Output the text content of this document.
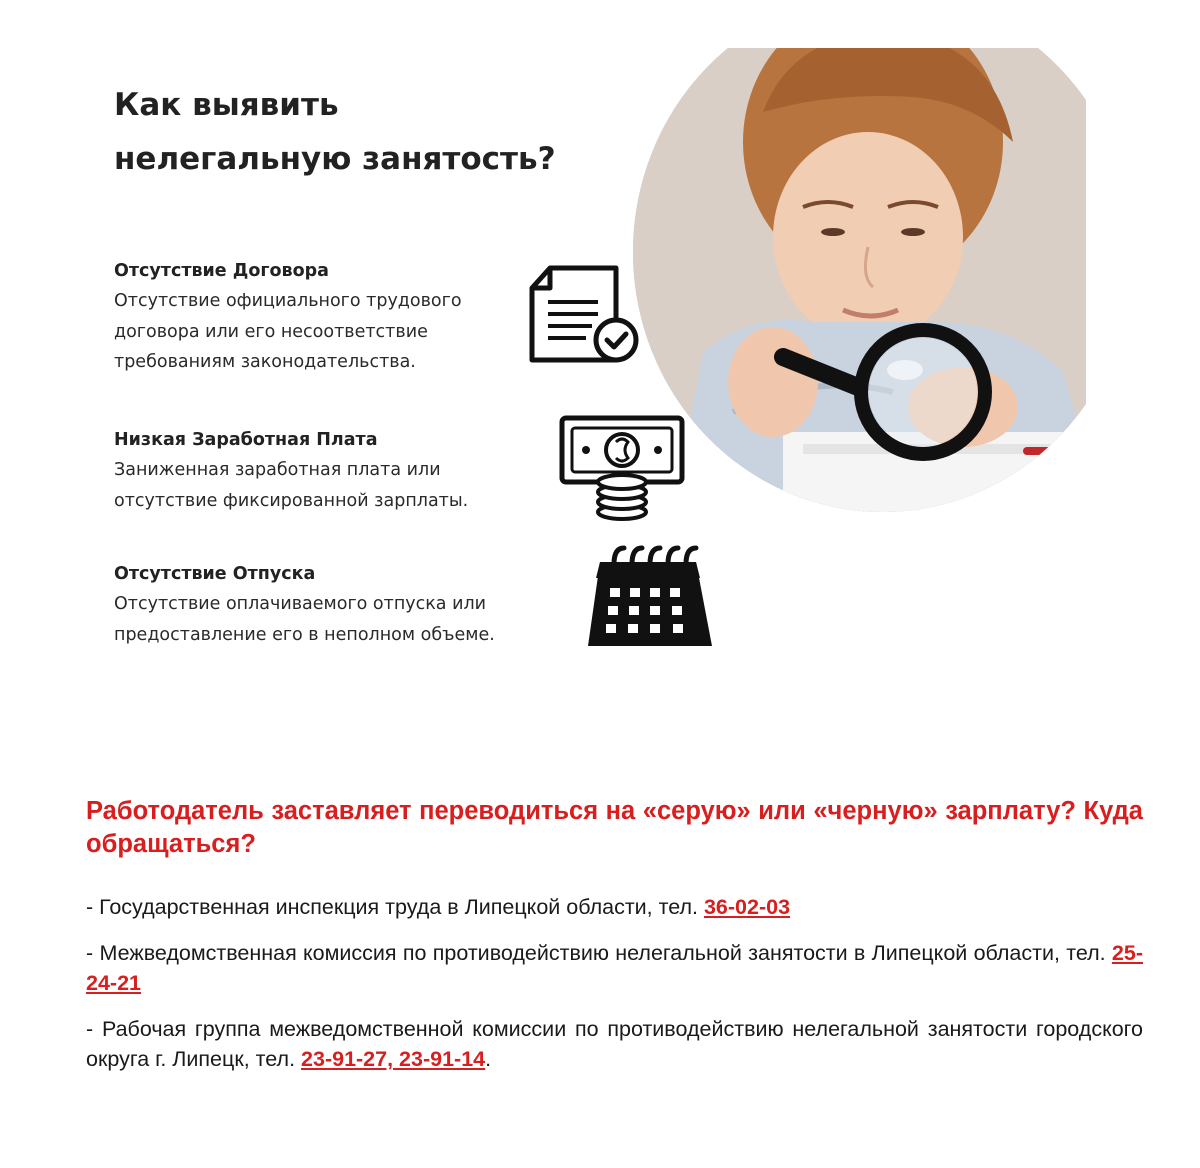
Как выявить
нелегальную занятость?
Отсутствие Договора
Отсутствие официального трудового
договора или его несоответствие
требованиям законодательства.
Низкая Заработная Плата
Заниженная заработная плата или
отсутствие фиксированной зарплаты.
Отсутствие Отпуска
Отсутствие оплачиваемого отпуска или
предоставление его в неполном объеме.

Работодатель заставляет переводиться на «серую» или «черную» зарплату? Куда обращаться?

- Государственная инспекция труда в Липецкой области, тел. 36-02-03

- Межведомственная комиссия по противодействию нелегальной занятости в Липецкой области, тел. 25-24-21

- Рабочая группа межведомственной комиссии по противодействию нелегальной занятости городского округа г. Липецк, тел. 23-91-27, 23-91-14.
